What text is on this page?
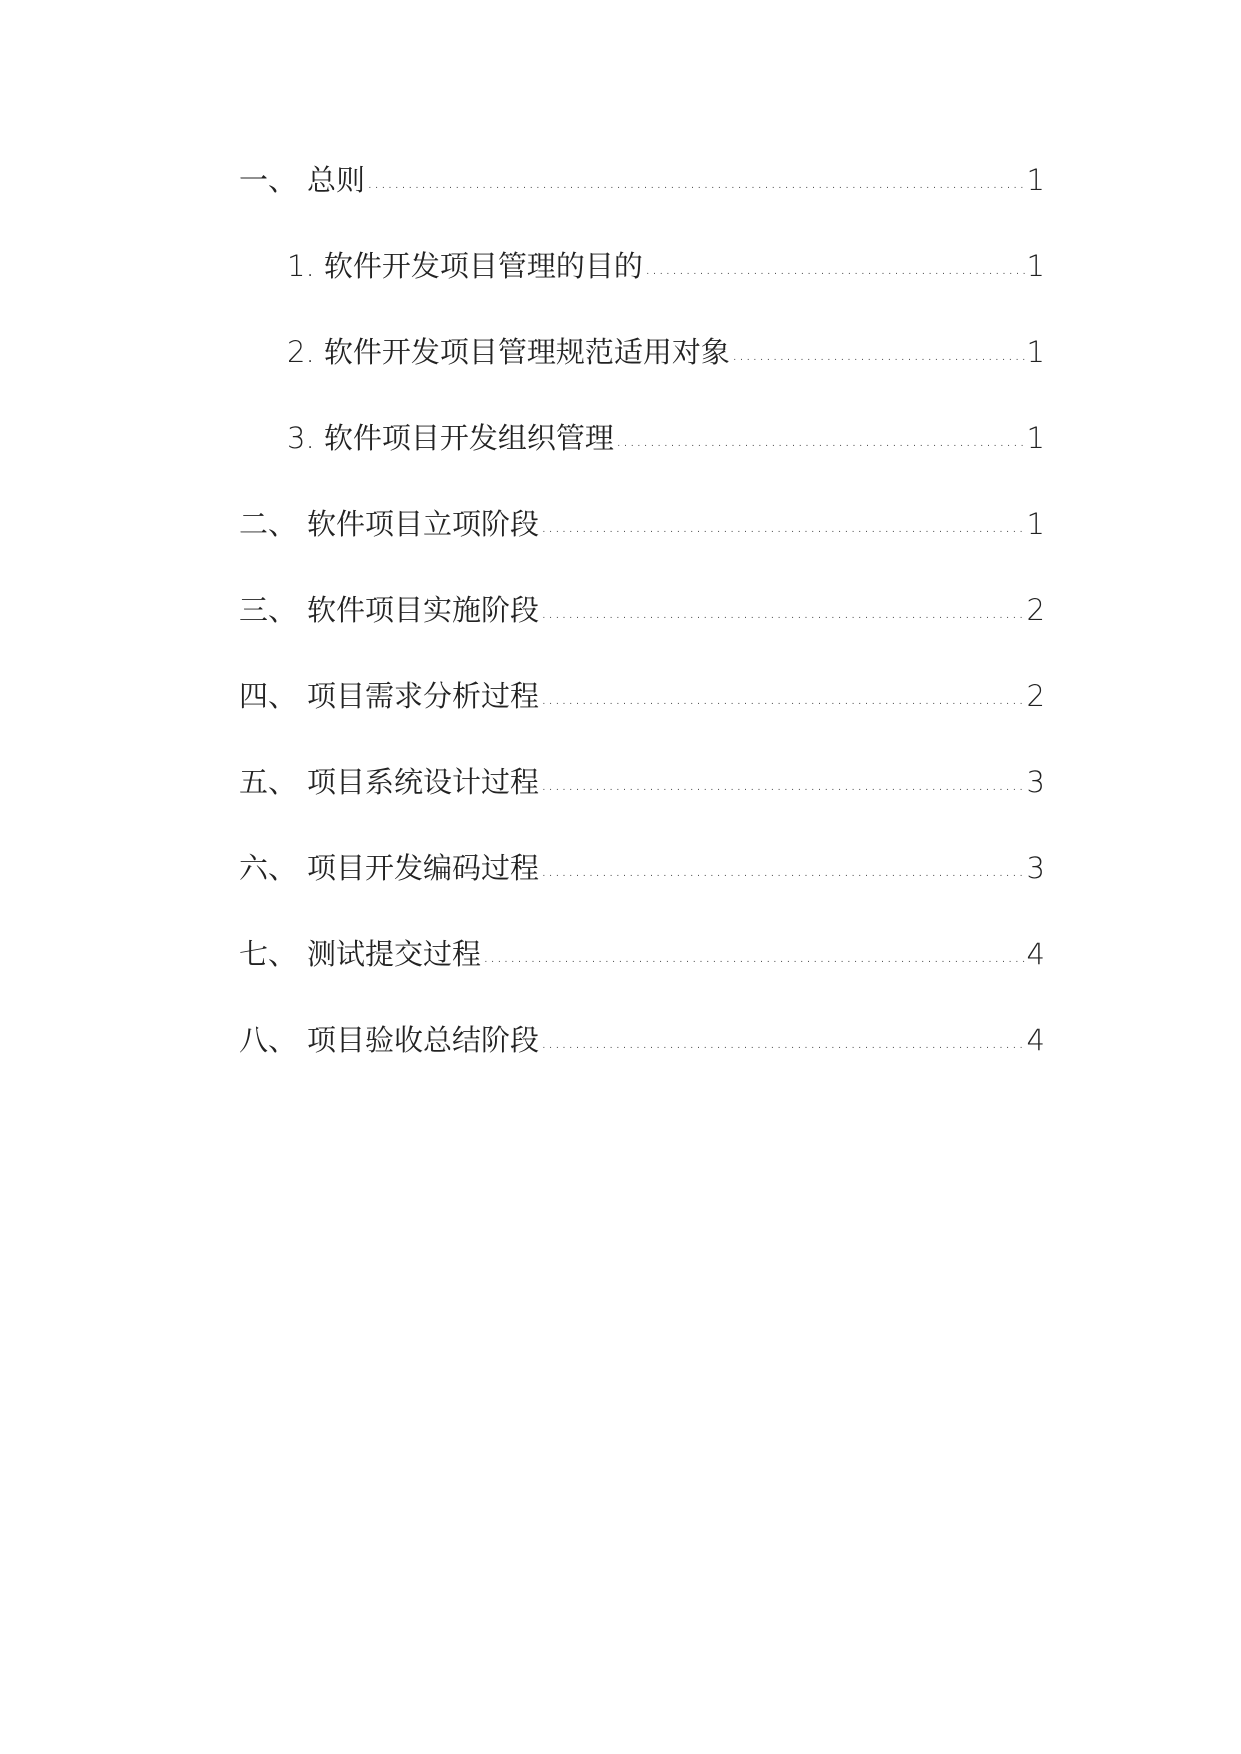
一、 总则 .....	1
1. 软件开发项目管理的目的 .....	1
2. 软件开发项目管理规范适用对象 .....	1
3. 软件项目开发组织管理 .....	1
二、 软件项目立项阶段 .....	1
三、 软件项目实施阶段 .....	2
四、 项目需求分析过程 .....	2
五、 项目系统设计过程 .....	3
六、 项目开发编码过程 .....	3
七、 测试提交过程 .....	4
八、 项目验收总结阶段 .....	4
